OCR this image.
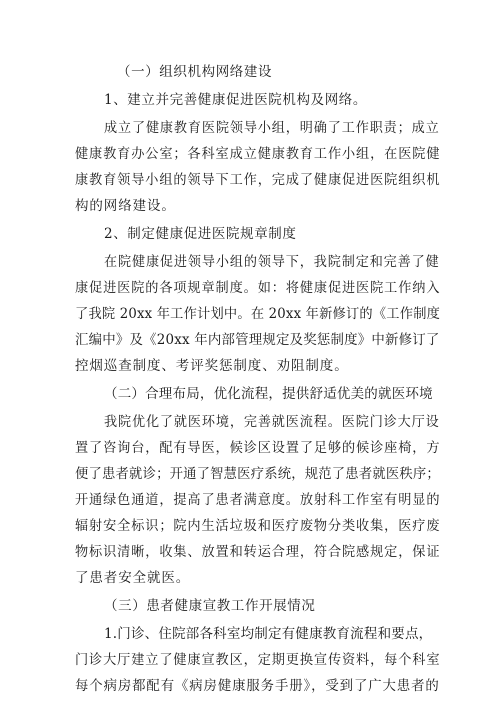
（一）组织机构网络建设
1、建立并完善健康促进医院机构及网络。
成立了健康教育医院领导小组，明确了工作职责；成立
健康教育办公室；各科室成立健康教育工作小组，在医院健
康教育领导小组的领导下工作，完成了健康促进医院组织机
构的网络建设。
2、制定健康促进医院规章制度
在院健康促进领导小组的领导下，我院制定和完善了健
康促进医院的各项规章制度。如：将健康促进医院工作纳入
了我院 20xx 年工作计划中。在 20xx 年新修订的《工作制度
汇编中》及《20xx 年内部管理规定及奖惩制度》中新修订了
控烟巡查制度、考评奖惩制度、劝阻制度。
（二）合理布局，优化流程，提供舒适优美的就医环境
我院优化了就医环境，完善就医流程。医院门诊大厅设
置了咨询台，配有导医，候诊区设置了足够的候诊座椅，方
便了患者就诊；开通了智慧医疗系统，规范了患者就医秩序；
开通绿色通道，提高了患者满意度。放射科工作室有明显的
辐射安全标识；院内生活垃圾和医疗废物分类收集，医疗废
物标识清晰，收集、放置和转运合理，符合院感规定，保证
了患者安全就医。
（三）患者健康宣教工作开展情况
1.门诊、住院部各科室均制定有健康教育流程和要点，
门诊大厅建立了健康宣教区，定期更换宣传资料，每个科室
每个病房都配有《病房健康服务手册》，受到了广大患者的
